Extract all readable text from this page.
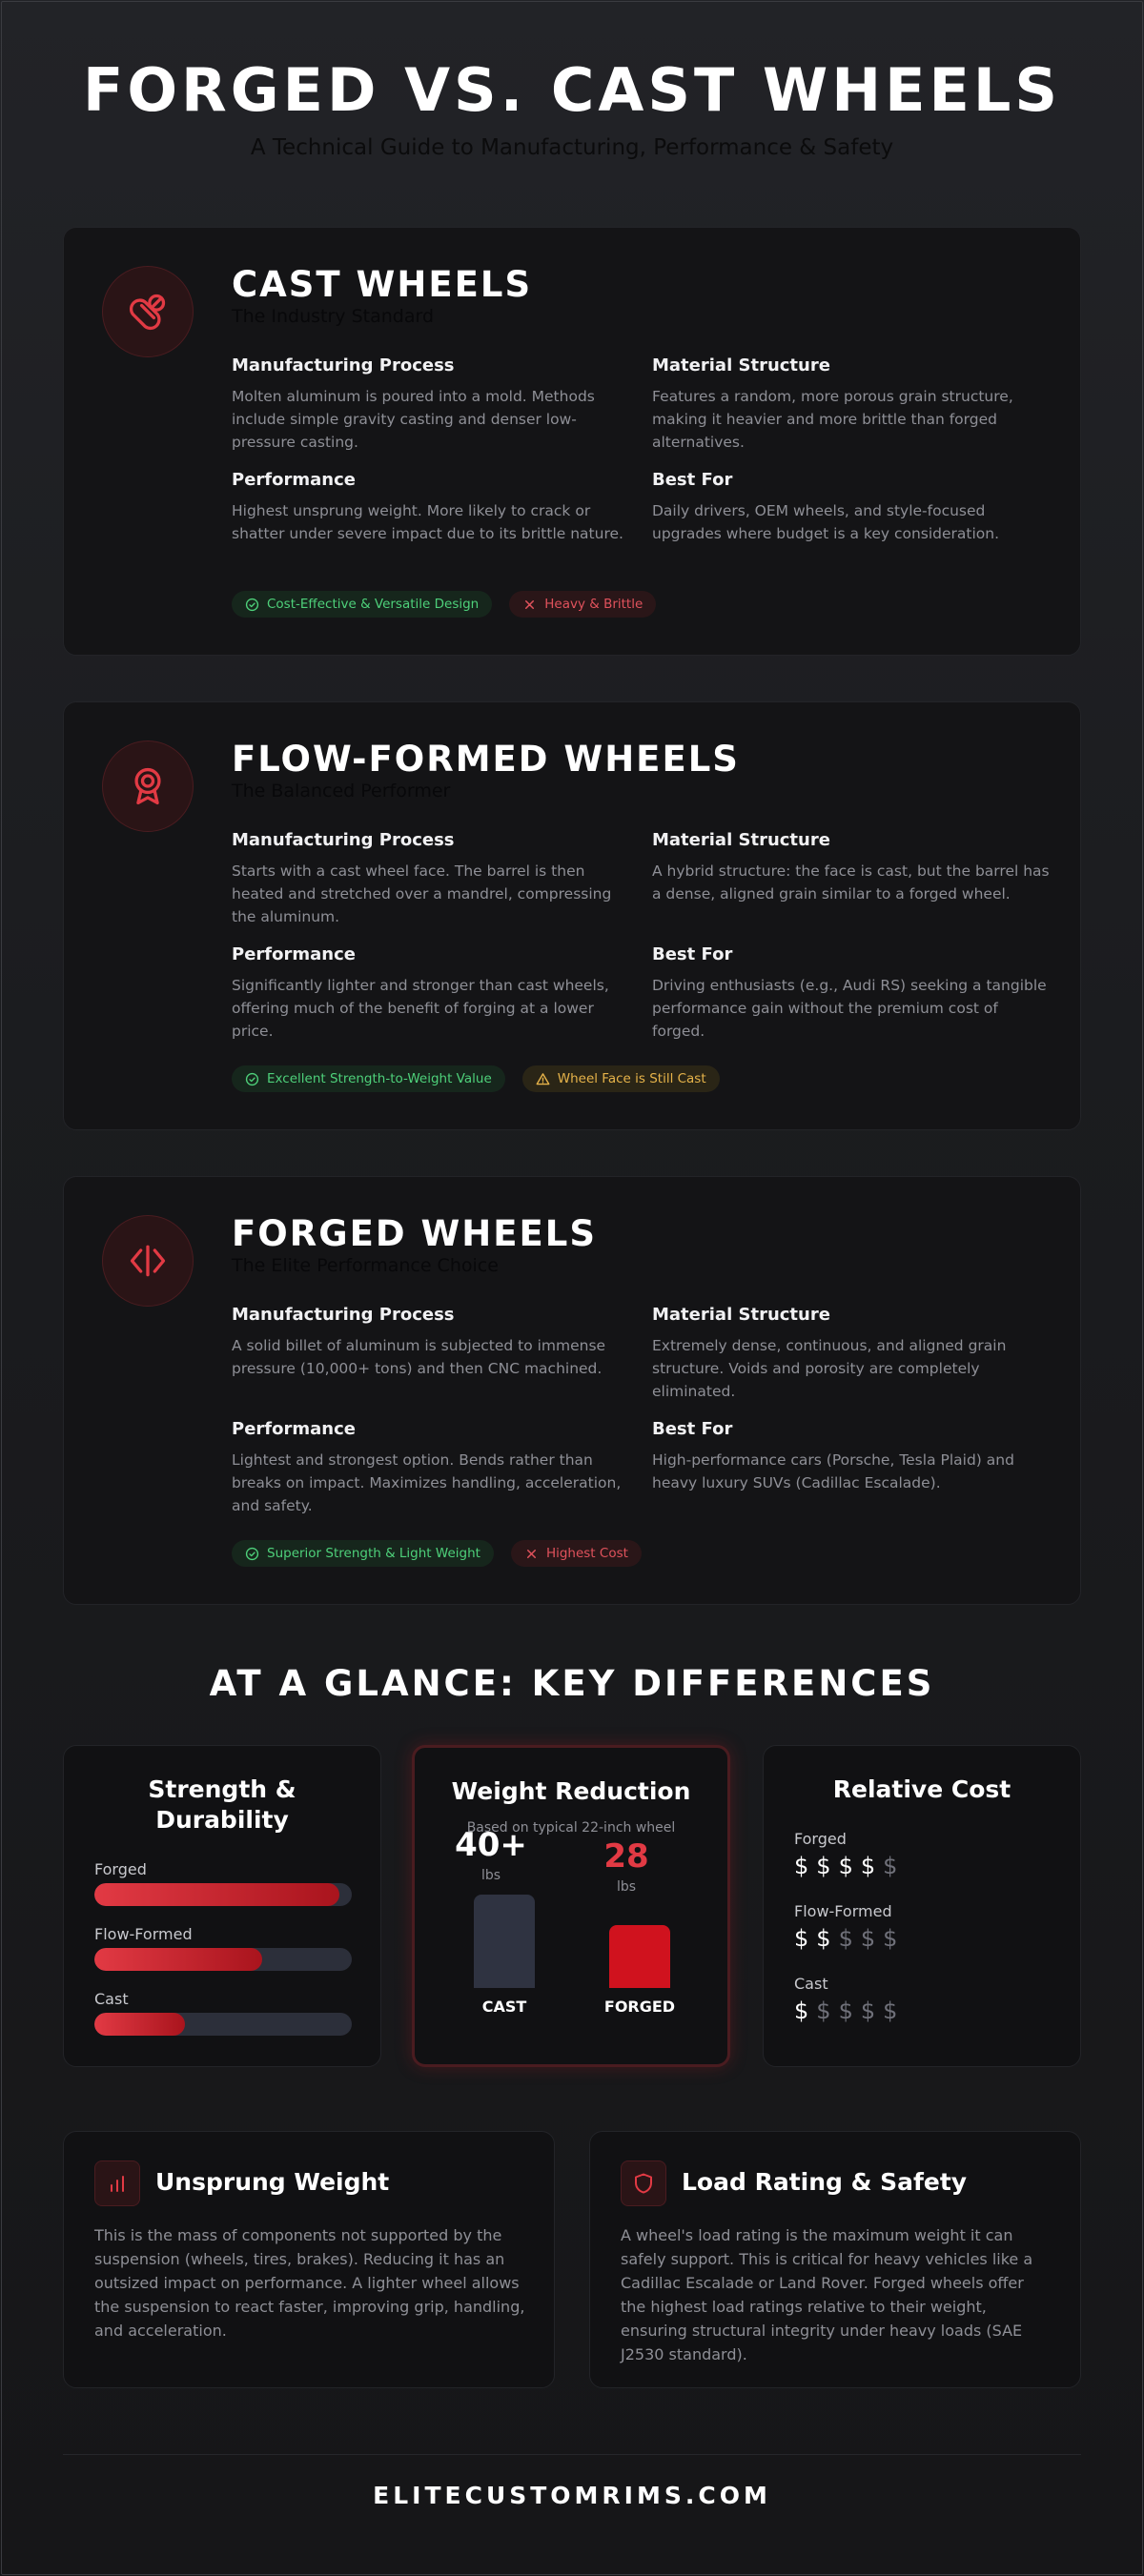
FORGED VS. CAST WHEELS
A Technical Guide to Manufacturing, Performance & Safety
CAST WHEELS
The Industry Standard
Manufacturing Process

Molten aluminum is poured into a mold. Methods include simple gravity casting and denser low-pressure casting.

Material Structure

Features a random, more porous grain structure, making it heavier and more brittle than forged alternatives.

Performance

Highest unsprung weight. More likely to crack or shatter under severe impact due to its brittle nature.

Best For

Daily drivers, OEM wheels, and style-focused upgrades where budget is a key consideration.

Cost-Effective & Versatile Design	Heavy & Brittle
FLOW-FORMED WHEELS
The Balanced Performer
Manufacturing Process

Starts with a cast wheel face. The barrel is then heated and stretched over a mandrel, compressing the aluminum.

Material Structure

A hybrid structure: the face is cast, but the barrel has a dense, aligned grain similar to a forged wheel.

Performance

Significantly lighter and stronger than cast wheels, offering much of the benefit of forging at a lower price.

Best For

Driving enthusiasts (e.g., Audi RS) seeking a tangible performance gain without the premium cost of forged.

Excellent Strength-to-Weight Value	Wheel Face is Still Cast
FORGED WHEELS
The Elite Performance Choice
Manufacturing Process

A solid billet of aluminum is subjected to immense pressure (10,000+ tons) and then CNC machined.

Material Structure

Extremely dense, continuous, and aligned grain structure. Voids and porosity are completely eliminated.

Performance

Lightest and strongest option. Bends rather than breaks on impact. Maximizes handling, acceleration, and safety.

Best For

High-performance cars (Porsche, Tesla Plaid) and heavy luxury SUVs (Cadillac Escalade).

Superior Strength & Light Weight	Highest Cost
AT A GLANCE: KEY DIFFERENCES
Strength & Durability
Forged
Flow-Formed
Cast
Weight Reduction
Based on typical 22-inch wheel
40+
lbs
CAST
28
lbs
FORGED
Relative Cost
Forged
$ $ $ $ $
Flow-Formed
$ $ $ $ $
Cast
$ $ $ $ $
Unsprung Weight

This is the mass of components not supported by the suspension (wheels, tires, brakes). Reducing it has an outsized impact on performance. A lighter wheel allows the suspension to react faster, improving grip, handling, and acceleration.

Load Rating & Safety

A wheel's load rating is the maximum weight it can safely support. This is critical for heavy vehicles like a Cadillac Escalade or Land Rover. Forged wheels offer the highest load ratings relative to their weight, ensuring structural integrity under heavy loads (SAE J2530 standard).

ELITECUSTOMRIMS.COM
